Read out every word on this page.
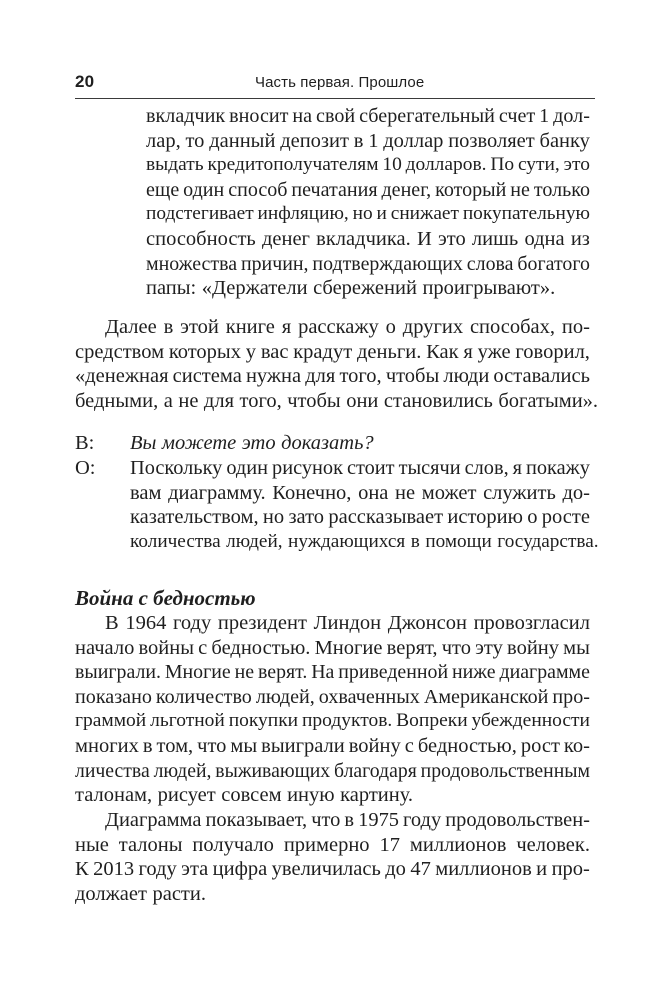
20	Часть первая. Прошлое
вкладчик вносит на свой сберегательный счет 1 дол-
лар, то данный депозит в 1 доллар позволяет банку
выдать кредитополучателям 10 долларов. По сути, это
еще один способ печатания денег, который не только
подстегивает инфляцию, но и снижает покупательную
способность денег вкладчика. И это лишь одна из
множества причин, подтверждающих слова богатого
папы: «Держатели сбережений проигрывают».
Далее в этой книге я расскажу о других способах, по-
средством которых у вас крадут деньги. Как я уже говорил,
«денежная система нужна для того, чтобы люди оставались
бедными, а не для того, чтобы они становились богатыми».
В: Вы можете это доказать?
О: Поскольку один рисунок стоит тысячи слов, я покажу
вам диаграмму. Конечно, она не может служить до-
казательством, но зато рассказывает историю о росте
количества людей, нуждающихся в помощи государства.
Война с бедностью
В 1964 году президент Линдон Джонсон провозгласил
начало войны с бедностью. Многие верят, что эту войну мы
выиграли. Многие не верят. На приведенной ниже диаграмме
показано количество людей, охваченных Американской про-
граммой льготной покупки продуктов. Вопреки убежденности
многих в том, что мы выиграли войну с бедностью, рост ко-
личества людей, выживающих благодаря продовольственным
талонам, рисует совсем иную картину.
Диаграмма показывает, что в 1975 году продовольствен-
ные талоны получало примерно 17 миллионов человек.
К 2013 году эта цифра увеличилась до 47 миллионов и про-
должает расти.
